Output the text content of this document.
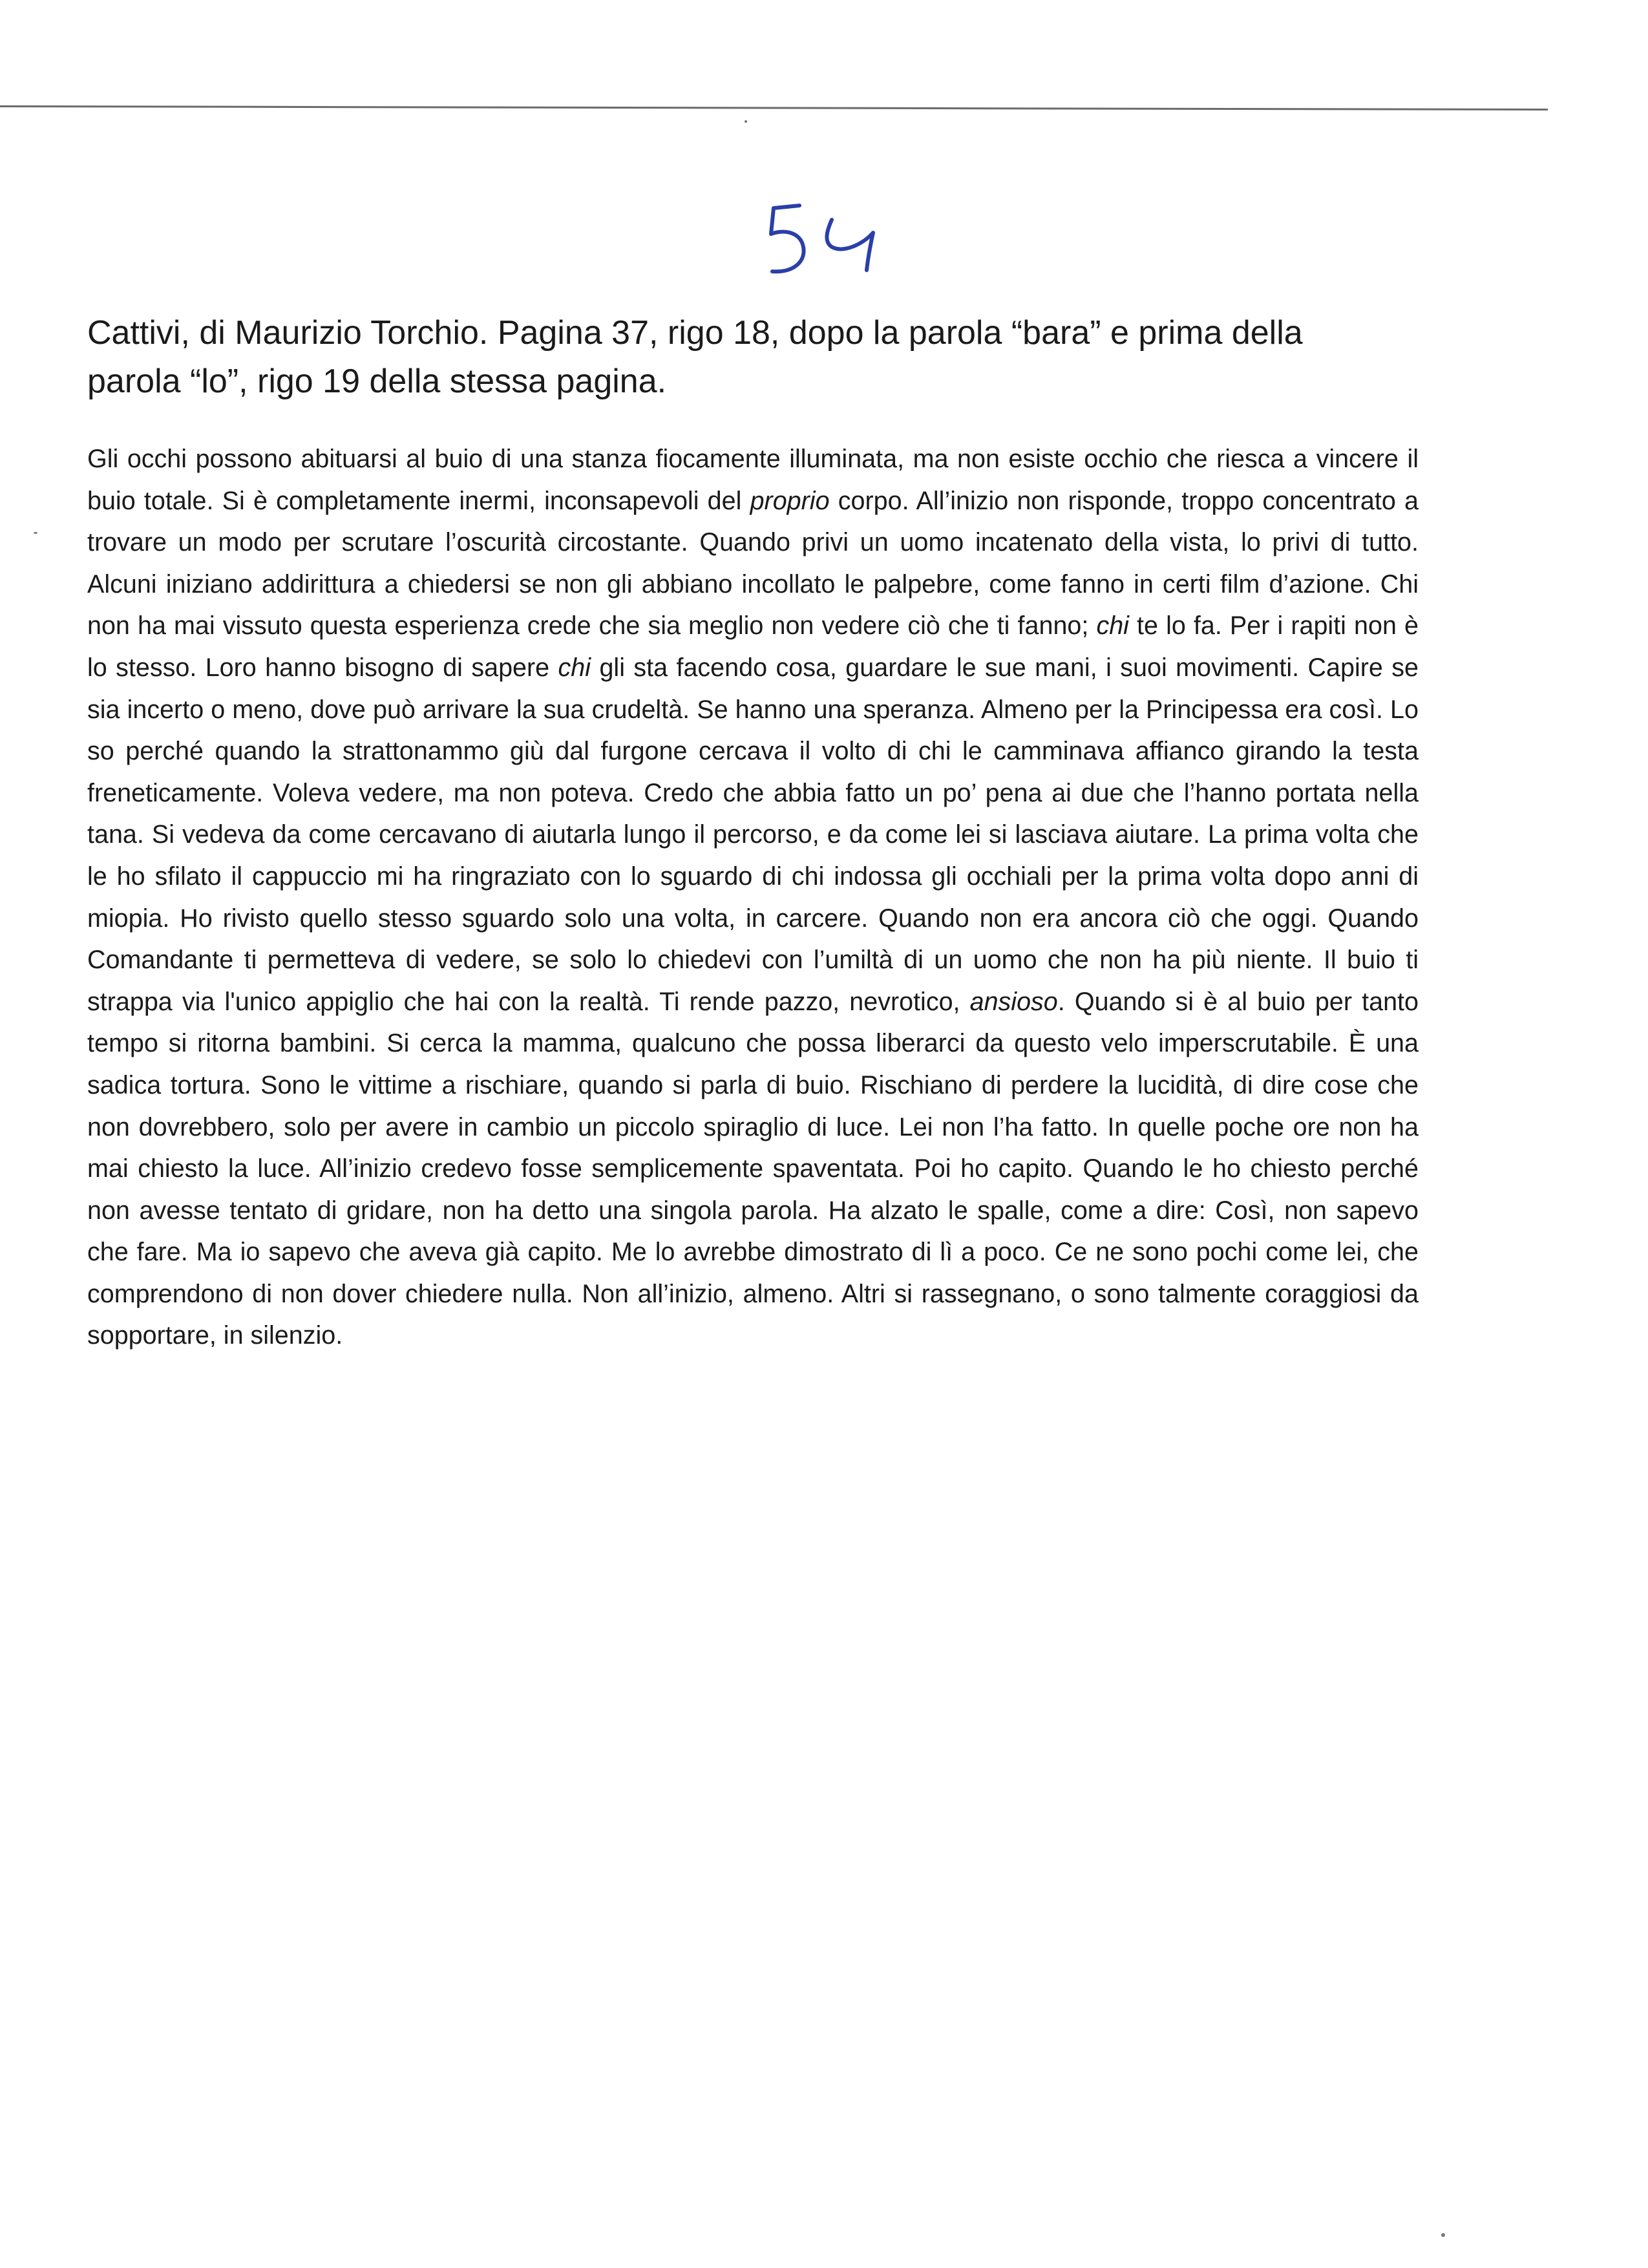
Cattivi, di Maurizio Torchio. Pagina 37, rigo 18, dopo la parola “bara” e prima della parola “lo”, rigo 19 della stessa pagina.

Gli occhi possono abituarsi al buio di una stanza fiocamente illuminata, ma non esiste occhio che riesca a vincere il buio totale. Si è completamente inermi, inconsapevoli del proprio corpo. All’inizio non risponde, troppo concentrato a trovare un modo per scrutare l’oscurità circostante. Quando privi un uomo incatenato della vista, lo privi di tutto. Alcuni iniziano addirittura a chiedersi se non gli abbiano incollato le palpebre, come fanno in certi film d’azione. Chi non ha mai vissuto questa esperienza crede che sia meglio non vedere ciò che ti fanno; chi te lo fa. Per i rapiti non è lo stesso. Loro hanno bisogno di sapere chi gli sta facendo cosa, guardare le sue mani, i suoi movimenti. Capire se sia incerto o meno, dove può arrivare la sua crudeltà. Se hanno una speranza. Almeno per la Principessa era così. Lo so perché quando la strattonammo giù dal furgone cercava il volto di chi le camminava affianco girando la testa freneticamente. Voleva vedere, ma non poteva. Credo che abbia fatto un po’ pena ai due che l’hanno portata nella tana. Si vedeva da come cercavano di aiutarla lungo il percorso, e da come lei si lasciava aiutare. La prima volta che le ho sfilato il cappuccio mi ha ringraziato con lo sguardo di chi indossa gli occhiali per la prima volta dopo anni di miopia. Ho rivisto quello stesso sguardo solo una volta, in carcere. Quando non era ancora ciò che oggi. Quando Comandante ti permetteva di vedere, se solo lo chiedevi con l’umiltà di un uomo che non ha più niente. Il buio ti strappa via l'unico appiglio che hai con la realtà. Ti rende pazzo, nevrotico, ansioso. Quando si è al buio per tanto tempo si ritorna bambini. Si cerca la mamma, qualcuno che possa liberarci da questo velo imperscrutabile. È una sadica tortura. Sono le vittime a rischiare, quando si parla di buio. Rischiano di perdere la lucidità, di dire cose che non dovrebbero, solo per avere in cambio un piccolo spiraglio di luce. Lei non l’ha fatto. In quelle poche ore non ha mai chiesto la luce. All’inizio credevo fosse semplicemente spaventata. Poi ho capito. Quando le ho chiesto perché non avesse tentato di gridare, non ha detto una singola parola. Ha alzato le spalle, come a dire: Così, non sapevo che fare. Ma io sapevo che aveva già capito. Me lo avrebbe dimostrato di lì a poco. Ce ne sono pochi come lei, che comprendono di non dover chiedere nulla. Non all’inizio, almeno. Altri si rassegnano, o sono talmente coraggiosi da sopportare, in silenzio.
